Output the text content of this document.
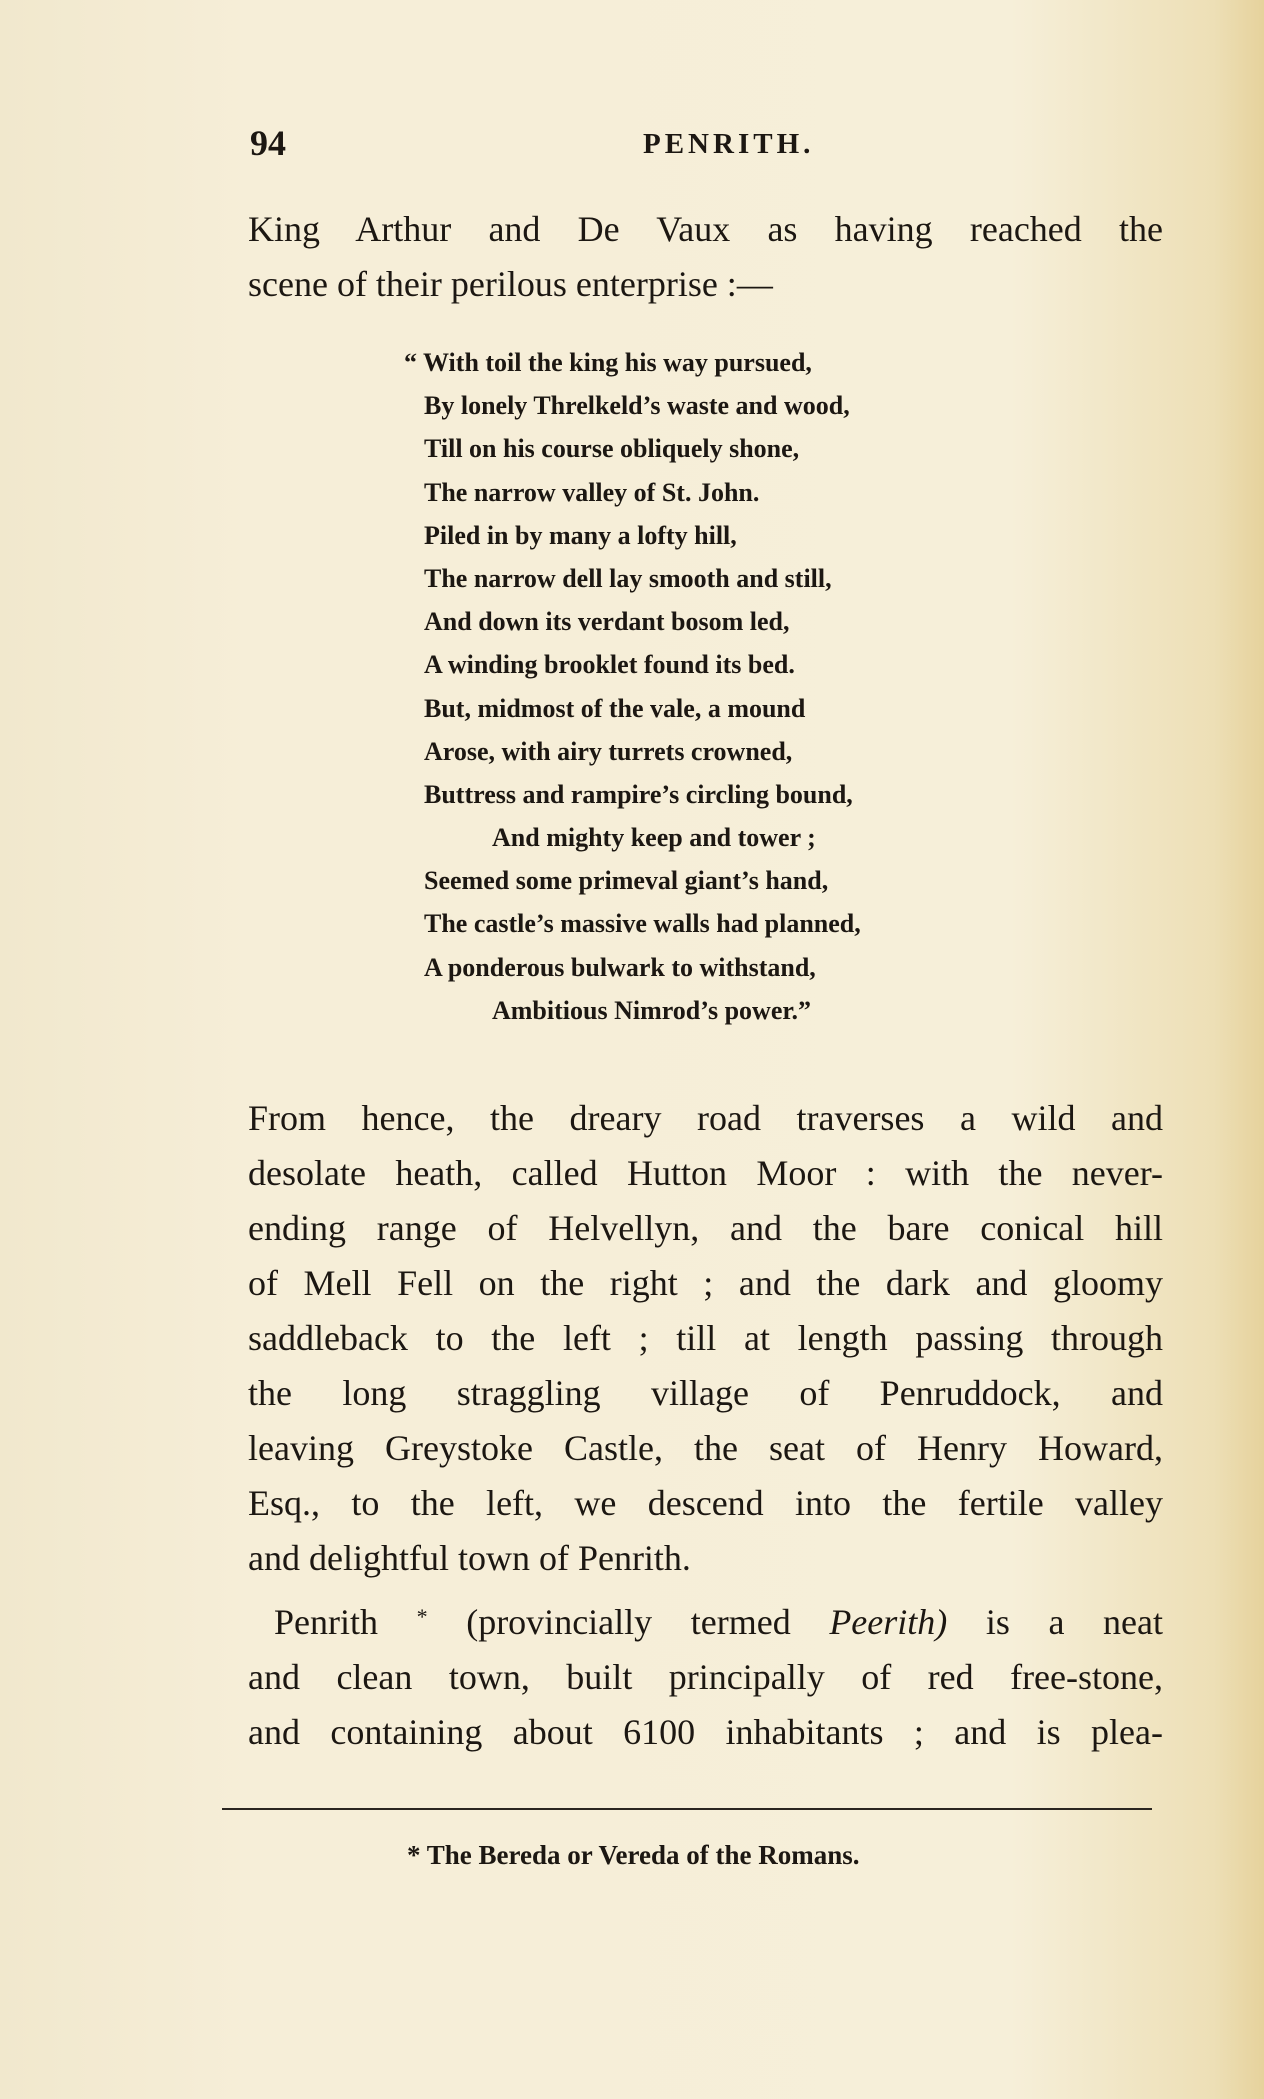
94	PENRITH.
King Arthur and De Vaux as having reached the
scene of their perilous enterprise :—
“ With toil the king his way pursued,
By lonely Threlkeld’s waste and wood,
Till on his course obliquely shone,
The narrow valley of St. John.
Piled in by many a lofty hill,
The narrow dell lay smooth and still,
And down its verdant bosom led,
A winding brooklet found its bed.
But, midmost of the vale, a mound
Arose, with airy turrets crowned,
Buttress and rampire’s circling bound,
And mighty keep and tower ;
Seemed some primeval giant’s hand,
The castle’s massive walls had planned,
A ponderous bulwark to withstand,
Ambitious Nimrod’s power.”
From hence, the dreary road traverses a wild and
desolate heath, called Hutton Moor : with the never-
ending range of Helvellyn, and the bare conical hill
of Mell Fell on the right ; and the dark and gloomy
saddleback to the left ; till at length passing through
the long straggling village of Penruddock, and
leaving Greystoke Castle, the seat of Henry Howard,
Esq., to the left, we descend into the fertile valley
and delightful town of Penrith.
Penrith * (provincially termed Peerith) is a neat
and clean town, built principally of red free-stone,
and containing about 6100 inhabitants ; and is plea-
* The Bereda or Vereda of the Romans.
